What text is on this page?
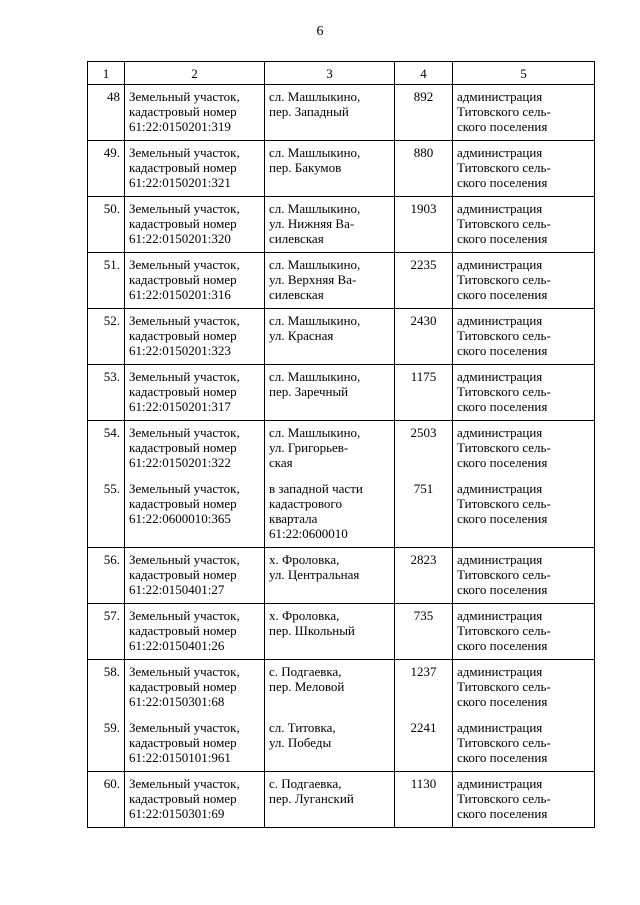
6
1	2	3	4	5
48	Земельный участок,
кадастровый номер
61:22:0150201:319	сл. Машлыкино,
пер. Западный	892	администрация
Титовского сель-
ского поселения

49.	Земельный участок,
кадастровый номер
61:22:0150201:321	сл. Машлыкино,
пер. Бакумов	880	администрация
Титовского сель-
ского поселения

50.	Земельный участок,
кадастровый номер
61:22:0150201:320	сл. Машлыкино,
ул. Нижняя Ва-
силевская	1903	администрация
Титовского сель-
ского поселения

51.	Земельный участок,
кадастровый номер
61:22:0150201:316	сл. Машлыкино,
ул. Верхняя Ва-
силевская	2235	администрация
Титовского сель-
ского поселения

52.	Земельный участок,
кадастровый номер
61:22:0150201:323	сл. Машлыкино,
ул. Красная	2430	администрация
Титовского сель-
ского поселения

53.	Земельный участок,
кадастровый номер
61:22:0150201:317	сл. Машлыкино,
пер. Заречный	1175	администрация
Титовского сель-
ского поселения

54.	Земельный участок,
кадастровый номер
61:22:0150201:322	сл. Машлыкино,
ул. Григорьев-
ская	2503	администрация
Титовского сель-
ского поселения

55.	Земельный участок,
кадастровый номер
61:22:0600010:365	в западной части
кадастрового
квартала
61:22:0600010	751	администрация
Титовского сель-
ского поселения

56.	Земельный участок,
кадастровый номер
61:22:0150401:27	х. Фроловка,
ул. Центральная	2823	администрация
Титовского сель-
ского поселения

57.	Земельный участок,
кадастровый номер
61:22:0150401:26	х. Фроловка,
пер. Школьный	735	администрация
Титовского сель-
ского поселения

58.	Земельный участок,
кадастровый номер
61:22:0150301:68	с. Подгаевка,
пер. Меловой	1237	администрация
Титовского сель-
ского поселения

59.	Земельный участок,
кадастровый номер
61:22:0150101:961	сл. Титовка,
ул. Победы	2241	администрация
Титовского сель-
ского поселения

60.	Земельный участок,
кадастровый номер
61:22:0150301:69	с. Подгаевка,
пер. Луганский	1130	администрация
Титовского сель-
ского поселения
